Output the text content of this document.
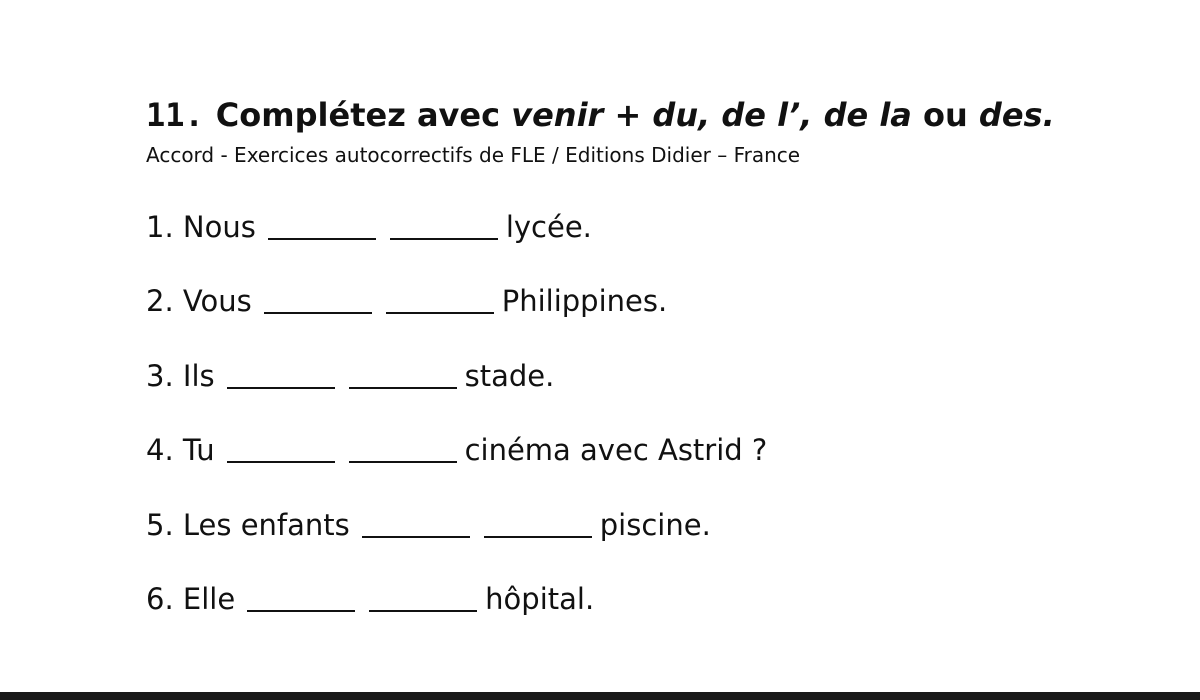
11. Complétez avec venir + du, de l’, de la ou des.
Accord - Exercices autocorrectifs de FLE / Editions Didier – France
1. Nous	lycée.
2. Vous	Philippines.
3. Ils	stade.
4. Tu	cinéma avec Astrid ?
5. Les enfants	piscine.
6. Elle	hôpital.
